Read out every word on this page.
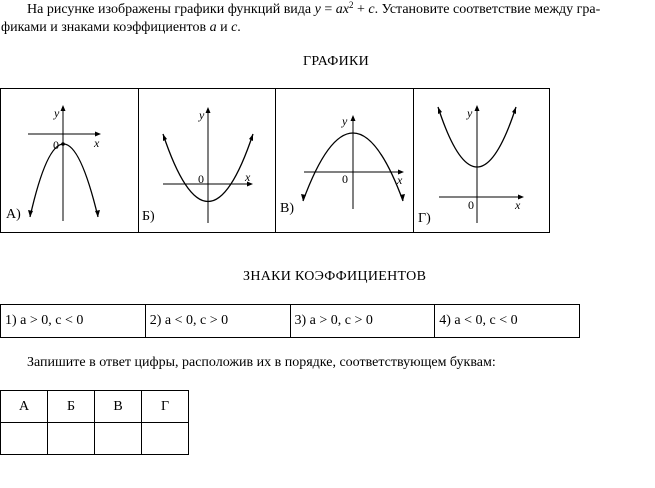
На рисунке изображены графики функций вида $y = ax^2 + c$. Установите соответствие между гра-
фиками и знаками коэффициентов a и c.
ГРАФИКИ
y
x
0
А)
y
x
0
Б)
y
x
0
В)
y
x
0
Г)
ЗНАКИ КОЭФФИЦИЕНТОВ
1) a > 0, c < 0	2) a < 0, c > 0	3) a > 0, c > 0	4) a < 0, c < 0
Запишите в ответ цифры, расположив их в порядке, соответствующем буквам:
А	Б	В	Г
